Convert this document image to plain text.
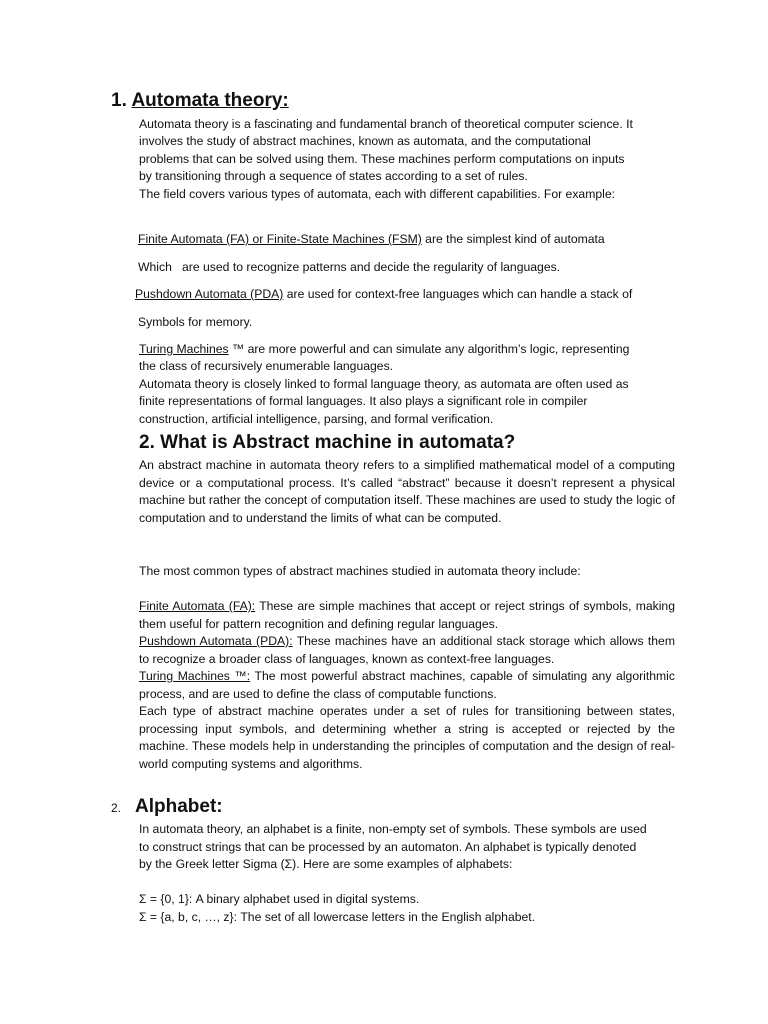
1. Automata theory:
Automata theory is a fascinating and fundamental branch of theoretical computer science. It
involves the study of abstract machines, known as automata, and the computational
problems that can be solved using them. These machines perform computations on inputs
by transitioning through a sequence of states according to a set of rules.
The field covers various types of automata, each with different capabilities. For example:
Finite Automata (FA) or Finite-State Machines (FSM) are the simplest kind of automata
Which   are used to recognize patterns and decide the regularity of languages.
Pushdown Automata (PDA) are used for context-free languages which can handle a stack of
Symbols for memory.
Turing Machines ™ are more powerful and can simulate any algorithm’s logic, representing
the class of recursively enumerable languages.
Automata theory is closely linked to formal language theory, as automata are often used as
finite representations of formal languages. It also plays a significant role in compiler
construction, artificial intelligence, parsing, and formal verification.
2. What is Abstract machine in automata?
An abstract machine in automata theory refers to a simplified mathematical model of a computing device or a computational process. It’s called “abstract” because it doesn’t represent a physical machine but rather the concept of computation itself. These machines are used to study the logic of computation and to understand the limits of what can be computed.
The most common types of abstract machines studied in automata theory include:
Finite Automata (FA): These are simple machines that accept or reject strings of symbols, making them useful for pattern recognition and defining regular languages.
Pushdown Automata (PDA): These machines have an additional stack storage which allows them to recognize a broader class of languages, known as context-free languages.
Turing Machines ™: The most powerful abstract machines, capable of simulating any algorithmic process, and are used to define the class of computable functions.
Each type of abstract machine operates under a set of rules for transitioning between states, processing input symbols, and determining whether a string is accepted or rejected by the machine. These models help in understanding the principles of computation and the design of real-world computing systems and algorithms.
2. Alphabet:
In automata theory, an alphabet is a finite, non-empty set of symbols. These symbols are used
to construct strings that can be processed by an automaton. An alphabet is typically denoted
by the Greek letter Sigma (Σ). Here are some examples of alphabets:
Σ = {0, 1}: A binary alphabet used in digital systems.
Σ = {a, b, c, …, z}: The set of all lowercase letters in the English alphabet.
